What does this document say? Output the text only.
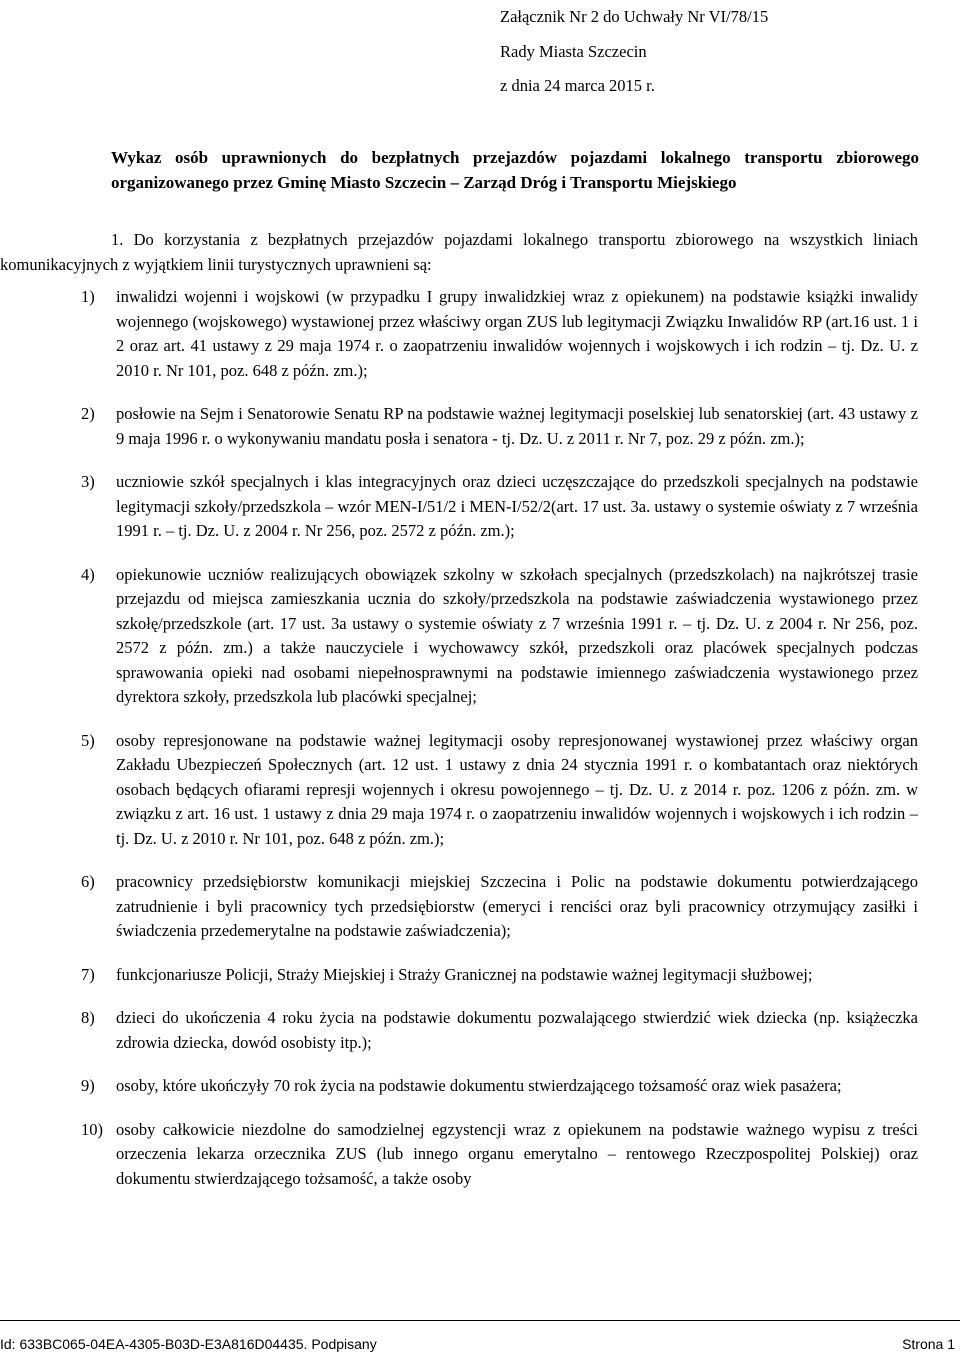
Załącznik Nr 2 do Uchwały Nr VI/78/15
Rady Miasta Szczecin
z dnia 24 marca 2015 r.
Wykaz osób uprawnionych do bezpłatnych przejazdów pojazdami lokalnego transportu zbiorowego organizowanego przez Gminę Miasto Szczecin – Zarząd Dróg i Transportu Miejskiego
1. Do korzystania z bezpłatnych przejazdów pojazdami lokalnego transportu zbiorowego na wszystkich liniach komunikacyjnych z wyjątkiem linii turystycznych uprawnieni są:
1)	inwalidzi wojenni i wojskowi (w przypadku I grupy inwalidzkiej wraz z opiekunem) na podstawie książki inwalidy wojennego (wojskowego) wystawionej przez właściwy organ ZUS lub legitymacji Związku Inwalidów RP (art.16 ust. 1 i 2 oraz art. 41 ustawy z 29 maja 1974 r. o zaopatrzeniu inwalidów wojennych i wojskowych i ich rodzin – tj. Dz. U. z 2010 r. Nr 101, poz. 648 z późn. zm.);
2)	posłowie na Sejm i Senatorowie Senatu RP na podstawie ważnej legitymacji poselskiej lub senatorskiej (art. 43 ustawy z 9 maja 1996 r. o wykonywaniu mandatu posła i senatora - tj. Dz. U. z 2011 r. Nr 7, poz. 29 z późn. zm.);
3)	uczniowie szkół specjalnych i klas integracyjnych oraz dzieci uczęszczające do przedszkoli specjalnych na podstawie legitymacji szkoły/przedszkola – wzór MEN-I/51/2 i MEN-I/52/2(art. 17 ust. 3a. ustawy o systemie oświaty z 7 września 1991 r. – tj. Dz. U. z 2004 r. Nr 256, poz. 2572 z późn. zm.);
4)	opiekunowie uczniów realizujących obowiązek szkolny w szkołach specjalnych (przedszkolach) na najkrótszej trasie przejazdu od miejsca zamieszkania ucznia do szkoły/przedszkola na podstawie zaświadczenia wystawionego przez szkołę/przedszkole (art. 17 ust. 3a ustawy o systemie oświaty z 7 września 1991 r. – tj. Dz. U. z 2004 r. Nr 256, poz. 2572 z późn. zm.) a także nauczyciele i wychowawcy szkół, przedszkoli oraz placówek specjalnych podczas sprawowania opieki nad osobami niepełnosprawnymi na podstawie imiennego zaświadczenia wystawionego przez dyrektora szkoły, przedszkola lub placówki specjalnej;
5)	osoby represjonowane na podstawie ważnej legitymacji osoby represjonowanej wystawionej przez właściwy organ Zakładu Ubezpieczeń Społecznych (art. 12 ust. 1 ustawy z dnia 24 stycznia 1991 r. o kombatantach oraz niektórych osobach będących ofiarami represji wojennych i okresu powojennego – tj. Dz. U. z 2014 r. poz. 1206 z późn. zm. w związku z art. 16 ust. 1 ustawy z dnia 29 maja 1974 r. o zaopatrzeniu inwalidów wojennych i wojskowych i ich rodzin – tj. Dz. U. z 2010 r. Nr 101, poz. 648 z późn. zm.);
6)	pracownicy przedsiębiorstw komunikacji miejskiej Szczecina i Polic na podstawie dokumentu potwierdzającego zatrudnienie i byli pracownicy tych przedsiębiorstw (emeryci i renciści oraz byli pracownicy otrzymujący zasiłki i świadczenia przedemerytalne na podstawie zaświadczenia);
7)	funkcjonariusze Policji, Straży Miejskiej i Straży Granicznej na podstawie ważnej legitymacji służbowej;
8)	dzieci do ukończenia 4 roku życia na podstawie dokumentu pozwalającego stwierdzić wiek dziecka (np. książeczka zdrowia dziecka, dowód osobisty itp.);
9)	osoby, które ukończyły 70 rok życia na podstawie dokumentu stwierdzającego tożsamość oraz wiek pasażera;
10) osoby całkowicie niezdolne do samodzielnej egzystencji wraz z opiekunem na podstawie ważnego wypisu z treści orzeczenia lekarza orzecznika ZUS (lub innego organu emerytalno – rentowego Rzeczpospolitej Polskiej) oraz dokumentu stwierdzającego tożsamość, a także osoby
Id: 633BC065-04EA-4305-B03D-E3A816D04435. Podpisany	Strona 1
